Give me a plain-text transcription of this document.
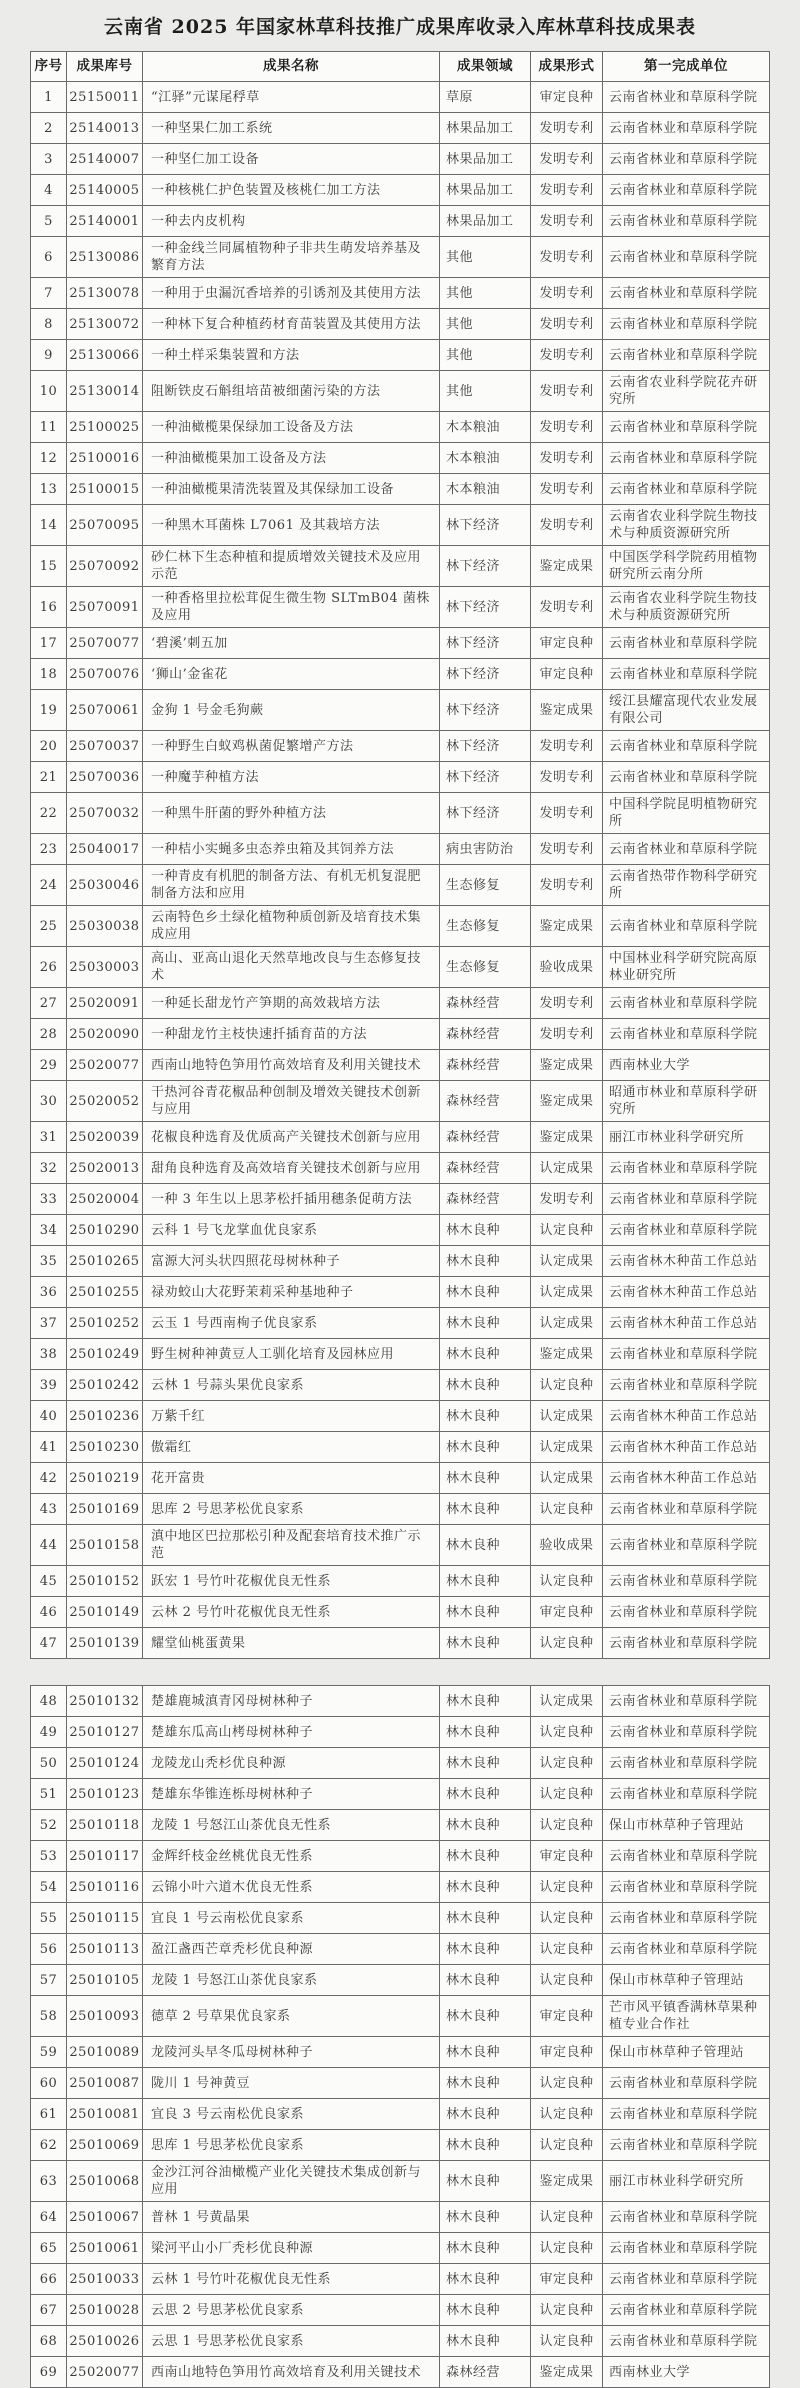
云南省 2025 年国家林草科技推广成果库收录入库林草科技成果表
序号	成果库号	成果名称	成果领域	成果形式	第一完成单位
1	25150011	“江驿”元谋尾稃草	草原	审定良种	云南省林业和草原科学院
2	25140013	一种坚果仁加工系统	林果品加工	发明专利	云南省林业和草原科学院
3	25140007	一种坚仁加工设备	林果品加工	发明专利	云南省林业和草原科学院
4	25140005	一种核桃仁护色装置及核桃仁加工方法	林果品加工	发明专利	云南省林业和草原科学院
5	25140001	一种去内皮机构	林果品加工	发明专利	云南省林业和草原科学院
6	25130086	一种金线兰同属植物种子非共生萌发培养基及繁育方法	其他	发明专利	云南省林业和草原科学院
7	25130078	一种用于虫漏沉香培养的引诱剂及其使用方法	其他	发明专利	云南省林业和草原科学院
8	25130072	一种林下复合种植药材育苗装置及其使用方法	其他	发明专利	云南省林业和草原科学院
9	25130066	一种土样采集装置和方法	其他	发明专利	云南省林业和草原科学院
10	25130014	阻断铁皮石斛组培苗被细菌污染的方法	其他	发明专利	云南省农业科学院花卉研究所
11	25100025	一种油橄榄果保绿加工设备及方法	木本粮油	发明专利	云南省林业和草原科学院
12	25100016	一种油橄榄果加工设备及方法	木本粮油	发明专利	云南省林业和草原科学院
13	25100015	一种油橄榄果清洗装置及其保绿加工设备	木本粮油	发明专利	云南省林业和草原科学院
14	25070095	一种黑木耳菌株 L7061 及其栽培方法	林下经济	发明专利	云南省农业科学院生物技术与种质资源研究所
15	25070092	砂仁林下生态种植和提质增效关键技术及应用示范	林下经济	鉴定成果	中国医学科学院药用植物研究所云南分所
16	25070091	一种香格里拉松茸促生微生物 SLTmB04 菌株及应用	林下经济	发明专利	云南省农业科学院生物技术与种质资源研究所
17	25070077	‘碧溪’刺五加	林下经济	审定良种	云南省林业和草原科学院
18	25070076	‘狮山’金雀花	林下经济	审定良种	云南省林业和草原科学院
19	25070061	金狗 1 号金毛狗蕨	林下经济	鉴定成果	绥江县耀富现代农业发展有限公司
20	25070037	一种野生白蚁鸡枞菌促繁增产方法	林下经济	发明专利	云南省林业和草原科学院
21	25070036	一种魔芋种植方法	林下经济	发明专利	云南省林业和草原科学院
22	25070032	一种黑牛肝菌的野外种植方法	林下经济	发明专利	中国科学院昆明植物研究所
23	25040017	一种桔小实蝇多虫态养虫箱及其饲养方法	病虫害防治	发明专利	云南省林业和草原科学院
24	25030046	一种青皮有机肥的制备方法、有机无机复混肥制备方法和应用	生态修复	发明专利	云南省热带作物科学研究所
25	25030038	云南特色乡土绿化植物种质创新及培育技术集成应用	生态修复	鉴定成果	云南省林业和草原科学院
26	25030003	高山、亚高山退化天然草地改良与生态修复技术	生态修复	验收成果	中国林业科学研究院高原林业研究所
27	25020091	一种延长甜龙竹产笋期的高效栽培方法	森林经营	发明专利	云南省林业和草原科学院
28	25020090	一种甜龙竹主枝快速扦插育苗的方法	森林经营	发明专利	云南省林业和草原科学院
29	25020077	西南山地特色笋用竹高效培育及利用关键技术	森林经营	鉴定成果	西南林业大学
30	25020052	干热河谷青花椒品种创制及增效关键技术创新与应用	森林经营	鉴定成果	昭通市林业和草原科学研究所
31	25020039	花椒良种选育及优质高产关键技术创新与应用	森林经营	鉴定成果	丽江市林业科学研究所
32	25020013	甜角良种选育及高效培育关键技术创新与应用	森林经营	认定成果	云南省林业和草原科学院
33	25020004	一种 3 年生以上思茅松扦插用穗条促萌方法	森林经营	发明专利	云南省林业和草原科学院
34	25010290	云科 1 号飞龙掌血优良家系	林木良种	认定良种	云南省林业和草原科学院
35	25010265	富源大河头状四照花母树林种子	林木良种	认定成果	云南省林木种苗工作总站
36	25010255	禄劝蛟山大花野茉莉采种基地种子	林木良种	认定成果	云南省林木种苗工作总站
37	25010252	云玉 1 号西南栒子优良家系	林木良种	认定成果	云南省林木种苗工作总站
38	25010249	野生树种神黄豆人工驯化培育及园林应用	林木良种	鉴定成果	云南省林业和草原科学院
39	25010242	云林 1 号蒜头果优良家系	林木良种	认定良种	云南省林业和草原科学院
40	25010236	万紫千红	林木良种	认定成果	云南省林木种苗工作总站
41	25010230	傲霜红	林木良种	认定成果	云南省林木种苗工作总站
42	25010219	花开富贵	林木良种	认定成果	云南省林木种苗工作总站
43	25010169	思库 2 号思茅松优良家系	林木良种	认定良种	云南省林业和草原科学院
44	25010158	滇中地区巴拉那松引种及配套培育技术推广示范	林木良种	验收成果	云南省林业和草原科学院
45	25010152	跃宏 1 号竹叶花椒优良无性系	林木良种	认定良种	云南省林业和草原科学院
46	25010149	云林 2 号竹叶花椒优良无性系	林木良种	审定良种	云南省林业和草原科学院
47	25010139	耀堂仙桃蛋黄果	林木良种	认定良种	云南省林业和草原科学院
48	25010132	楚雄鹿城滇青冈母树林种子	林木良种	认定成果	云南省林业和草原科学院
49	25010127	楚雄东瓜高山栲母树林种子	林木良种	认定良种	云南省林业和草原科学院
50	25010124	龙陵龙山秃杉优良种源	林木良种	认定良种	云南省林业和草原科学院
51	25010123	楚雄东华锥连栎母树林种子	林木良种	认定良种	云南省林业和草原科学院
52	25010118	龙陵 1 号怒江山茶优良无性系	林木良种	认定良种	保山市林草种子管理站
53	25010117	金辉纤枝金丝桃优良无性系	林木良种	审定良种	云南省林业和草原科学院
54	25010116	云锦小叶六道木优良无性系	林木良种	认定良种	云南省林业和草原科学院
55	25010115	宜良 1 号云南松优良家系	林木良种	认定良种	云南省林业和草原科学院
56	25010113	盈江盏西芒章秃杉优良种源	林木良种	认定良种	云南省林业和草原科学院
57	25010105	龙陵 1 号怒江山茶优良家系	林木良种	认定良种	保山市林草种子管理站
58	25010093	德草 2 号草果优良家系	林木良种	审定良种	芒市风平镇香满林草果种植专业合作社
59	25010089	龙陵河头早冬瓜母树林种子	林木良种	审定良种	保山市林草种子管理站
60	25010087	陇川 1 号神黄豆	林木良种	认定良种	云南省林业和草原科学院
61	25010081	宜良 3 号云南松优良家系	林木良种	认定良种	云南省林业和草原科学院
62	25010069	思库 1 号思茅松优良家系	林木良种	认定良种	云南省林业和草原科学院
63	25010068	金沙江河谷油橄榄产业化关键技术集成创新与应用	林木良种	鉴定成果	丽江市林业科学研究所
64	25010067	普林 1 号黄晶果	林木良种	认定良种	云南省林业和草原科学院
65	25010061	梁河平山小厂秃杉优良种源	林木良种	认定良种	云南省林业和草原科学院
66	25010033	云林 1 号竹叶花椒优良无性系	林木良种	审定良种	云南省林业和草原科学院
67	25010028	云思 2 号思茅松优良家系	林木良种	认定良种	云南省林业和草原科学院
68	25010026	云思 1 号思茅松优良家系	林木良种	认定良种	云南省林业和草原科学院
69	25020077	西南山地特色笋用竹高效培育及利用关键技术	森林经营	鉴定成果	西南林业大学
